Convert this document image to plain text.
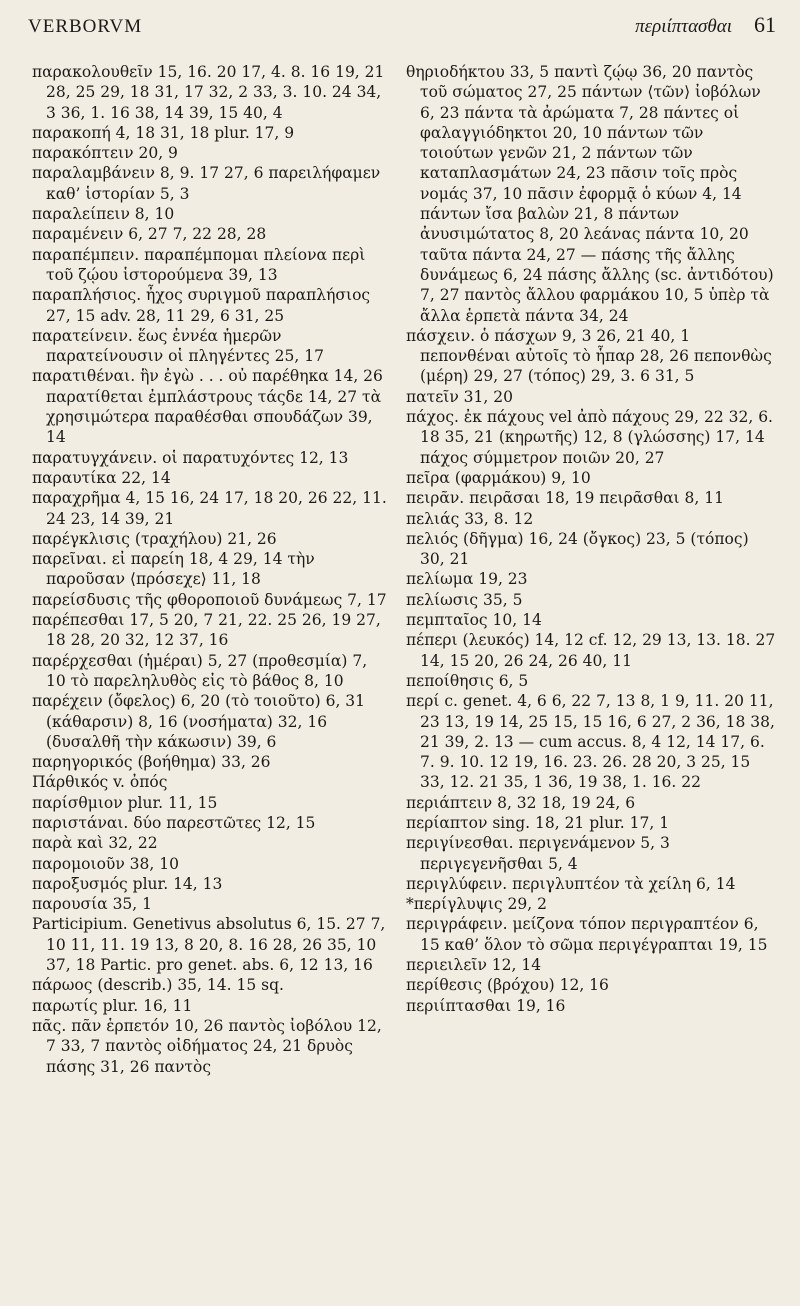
VERBORVM	περιίπτασθαι 61
παρακολουθεῖν 15, 16. 20 17, 4. 8. 16 19, 21 28, 25 29, 18 31, 17 32, 2 33, 3. 10. 24 34, 3 36, 1. 16 38, 14 39, 15 40, 4
παρακοπή 4, 18 31, 18 plur. 17, 9
παρακόπτειν 20, 9
παραλαμβάνειν 8, 9. 17 27, 6 παρειλήφαμεν καθ’ ἱστορίαν 5, 3
παραλείπειν 8, 10
παραμένειν 6, 27 7, 22 28, 28
παραπέμπειν. παραπέμπομαι πλείονα περὶ τοῦ ζῴου ἱστορούμενα 39, 13
παραπλήσιος. ἦχος συριγμοῦ παραπλήσιος 27, 15 adv. 28, 11 29, 6 31, 25
παρατείνειν. ἕως ἐννέα ἡμερῶν παρατείνουσιν οἱ πληγέντες 25, 17
παρατιθέναι. ἣν ἐγὼ . . . οὐ παρέθηκα 14, 26 παρατίθεται ἐμπλάστρους τάςδε 14, 27 τὰ χρησιμώτερα παραθέσθαι σπουδάζων 39, 14
παρατυγχάνειν. οἱ παρατυχόντες 12, 13
παραυτίκα 22, 14
παραχρῆμα 4, 15 16, 24 17, 18 20, 26 22, 11. 24 23, 14 39, 21
παρέγκλισις (τραχήλου) 21, 26
παρεῖναι. εἰ παρείη 18, 4 29, 14 τὴν παροῦσαν ⟨πρόσεχε⟩ 11, 18
παρείσδυσις τῆς φθοροποιοῦ δυνάμεως 7, 17
παρέπεσθαι 17, 5 20, 7 21, 22. 25 26, 19 27, 18 28, 20 32, 12 37, 16
παρέρχεσθαι (ἡμέραι) 5, 27 (προθεσμία) 7, 10 τὸ παρεληλυθὸς εἰς τὸ βάθος 8, 10
παρέχειν (ὄφελος) 6, 20 (τὸ τοιοῦτο) 6, 31 (κάθαρσιν) 8, 16 (νοσήματα) 32, 16 (δυσαλθῆ τὴν κάκωσιν) 39, 6
παρηγορικός (βοήθημα) 33, 26
Πάρθικός v. ὀπός
παρίσθμιον plur. 11, 15
παριστάναι. δύο παρεστῶτες 12, 15
παρὰ καὶ 32, 22
παρομοιοῦν 38, 10
παροξυσμός plur. 14, 13
παρουσία 35, 1
Participium. Genetivus absolutus 6, 15. 27 7, 10 11, 11. 19 13, 8 20, 8. 16 28, 26 35, 10 37, 18 Partic. pro genet. abs. 6, 12 13, 16
πάρωος (describ.) 35, 14. 15 sq.
παρωτίς plur. 16, 11
πᾶς. πᾶν ἑρπετόν 10, 26 παντὸς ἰοβόλου 12, 7 33, 7 παντὸς οἰδήματος 24, 21 δρυὸς πάσης 31, 26 παντὸς
θηριοδήκτου 33, 5 παντὶ ζῴῳ 36, 20 παντὸς τοῦ σώματος 27, 25 πάντων ⟨τῶν⟩ ἰοβόλων 6, 23 πάντα τὰ ἀρώματα 7, 28 πάντες οἱ φαλαγγιόδηκτοι 20, 10 πάντων τῶν τοιούτων γενῶν 21, 2 πάντων τῶν καταπλασμάτων 24, 23 πᾶσιν τοῖς πρὸς νομάς 37, 10 πᾶσιν ἐφορμᾷ ὁ κύων 4, 14 πάντων ἴσα βαλὼν 21, 8 πάντων ἀνυσιμώτατος 8, 20 λεάνας πάντα 10, 20 ταῦτα πάντα 24, 27 — πάσης τῆς ἄλλης δυνάμεως 6, 24 πάσης ἄλλης (sc. ἀντιδότου) 7, 27 παντὸς ἄλλου φαρμάκου 10, 5 ὑπὲρ τὰ ἄλλα ἑρπετὰ πάντα 34, 24
πάσχειν. ὁ πάσχων 9, 3 26, 21 40, 1 πεπονθέναι αὐτοῖς τὸ ἧπαρ 28, 26 πεπονθὼς (μέρη) 29, 27 (τόπος) 29, 3. 6 31, 5
πατεῖν 31, 20
πάχος. ἐκ πάχους vel ἀπὸ πάχους 29, 22 32, 6. 18 35, 21 (κηρωτῆς) 12, 8 (γλώσσης) 17, 14 πάχος σύμμετρον ποιῶν 20, 27
πεῖρα (φαρμάκου) 9, 10
πειρᾶν. πειρᾶσαι 18, 19 πειρᾶσθαι 8, 11
πελιάς 33, 8. 12
πελιός (δῆγμα) 16, 24 (ὄγκος) 23, 5 (τόπος) 30, 21
πελίωμα 19, 23
πελίωσις 35, 5
πεμπταῖος 10, 14
πέπερι (λευκός) 14, 12 cf. 12, 29 13, 13. 18. 27 14, 15 20, 26 24, 26 40, 11
πεποίθησις 6, 5
περί c. genet. 4, 6 6, 22 7, 13 8, 1 9, 11. 20 11, 23 13, 19 14, 25 15, 15 16, 6 27, 2 36, 18 38, 21 39, 2. 13 — cum accus. 8, 4 12, 14 17, 6. 7. 9. 10. 12 19, 16. 23. 26. 28 20, 3 25, 15 33, 12. 21 35, 1 36, 19 38, 1. 16. 22
περιάπτειν 8, 32 18, 19 24, 6
περίαπτον sing. 18, 21 plur. 17, 1
περιγίνεσθαι. περιγενάμενον 5, 3 περιγεγενῆσθαι 5, 4
περιγλύφειν. περιγλυπτέον τὰ χείλη 6, 14
*περίγλυψις 29, 2
περιγράφειν. μείζονα τόπον περιγραπτέον 6, 15 καθ’ ὅλον τὸ σῶμα περιγέγραπται 19, 15
περιειλεῖν 12, 14
περίθεσις (βρόχου) 12, 16
περιίπτασθαι 19, 16
